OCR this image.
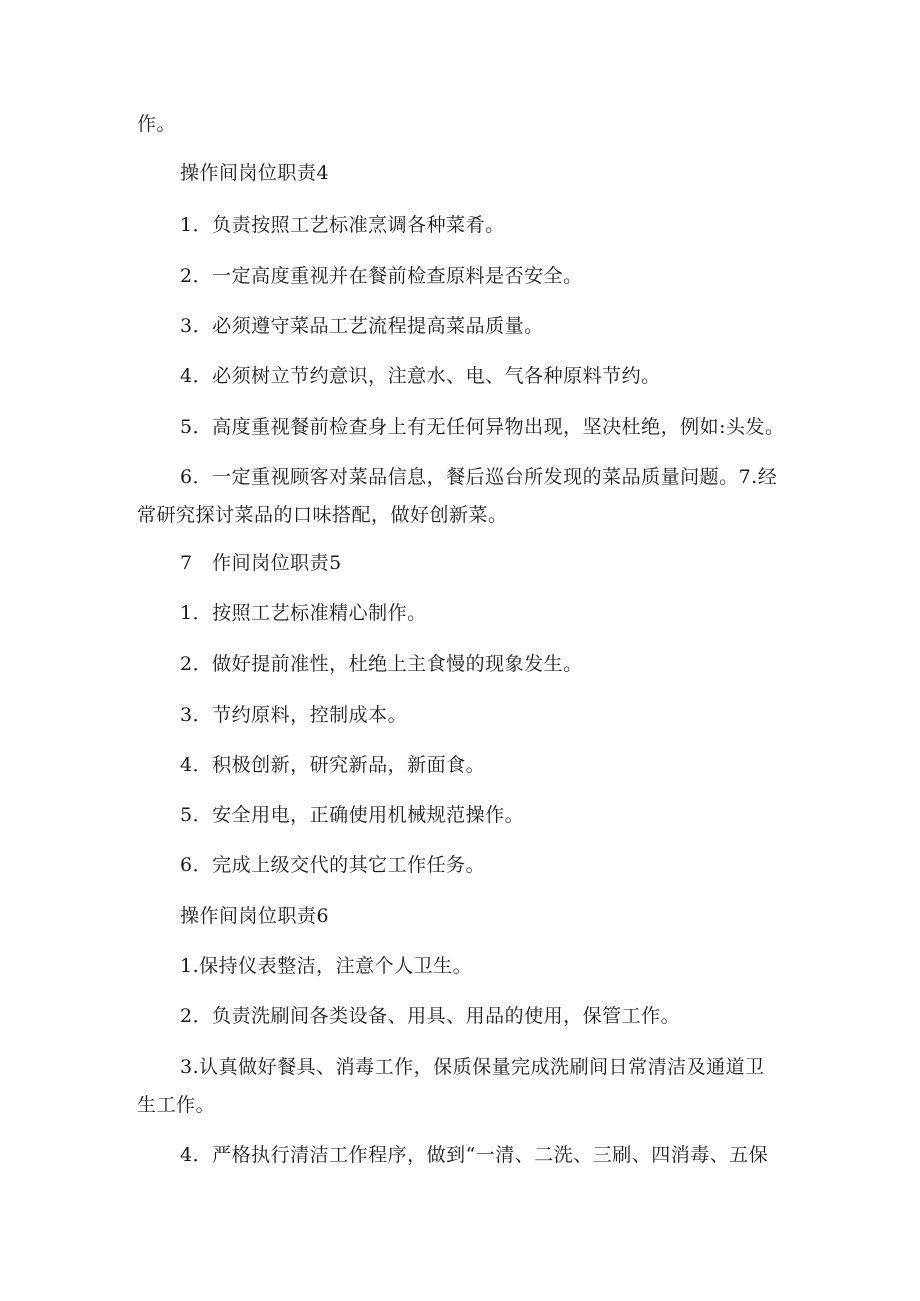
作。

操作间岗位职责4

1．负责按照工艺标准烹调各种菜肴。

2．一定高度重视并在餐前检查原料是否安全。

3．必须遵守菜品工艺流程提高菜品质量。

4．必须树立节约意识，注意水、电、气各种原料节约。

5．高度重视餐前检查身上有无任何异物出现，坚决杜绝，例如:头发。

6．一定重视顾客对菜品信息，餐后巡台所发现的菜品质量问题。7.经

常研究探讨菜品的口味搭配，做好创新菜。

7　作间岗位职责5

1．按照工艺标准精心制作。

2．做好提前准性，杜绝上主食慢的现象发生。

3．节约原料，控制成本。

4．积极创新，研究新品，新面食。

5．安全用电，正确使用机械规范操作。

6．完成上级交代的其它工作任务。

操作间岗位职责6

1.保持仪表整洁，注意个人卫生。

2．负责洗刷间各类设备、用具、用品的使用，保管工作。

3.认真做好餐具、消毒工作，保质保量完成洗刷间日常清洁及通道卫

生工作。

4．严格执行清洁工作程序，做到“一清、二洗、三刷、四消毒、五保
